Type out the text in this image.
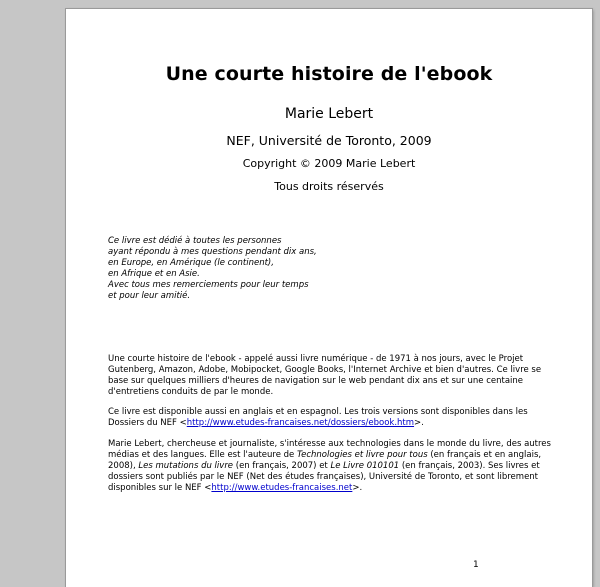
Une courte histoire de l'ebook
Marie Lebert
NEF, Université de Toronto, 2009
Copyright © 2009 Marie Lebert
Tous droits réservés
Ce livre est dédié à toutes les personnes
ayant répondu à mes questions pendant dix ans,
en Europe, en Amérique (le continent),
en Afrique et en Asie.
Avec tous mes remerciements pour leur temps
et pour leur amitié.
Une courte histoire de l'ebook - appelé aussi livre numérique - de 1971 à nos jours, avec le Projet Gutenberg, Amazon, Adobe, Mobipocket, Google Books, l'Internet Archive et bien d'autres. Ce livre se base sur quelques milliers d'heures de navigation sur le web pendant dix ans et sur une centaine d'entretiens conduits de par le monde.
Ce livre est disponible aussi en anglais et en espagnol. Les trois versions sont disponibles dans les Dossiers du NEF <http://www.etudes-francaises.net/dossiers/ebook.htm>.
Marie Lebert, chercheuse et journaliste, s'intéresse aux technologies dans le monde du livre, des autres médias et des langues. Elle est l'auteure de Technologies et livre pour tous (en français et en anglais, 2008), Les mutations du livre (en français, 2007) et Le Livre 010101 (en français, 2003). Ses livres et dossiers sont publiés par le NEF (Net des études françaises), Université de Toronto, et sont librement disponibles sur le NEF <http://www.etudes-francaises.net>.
1
